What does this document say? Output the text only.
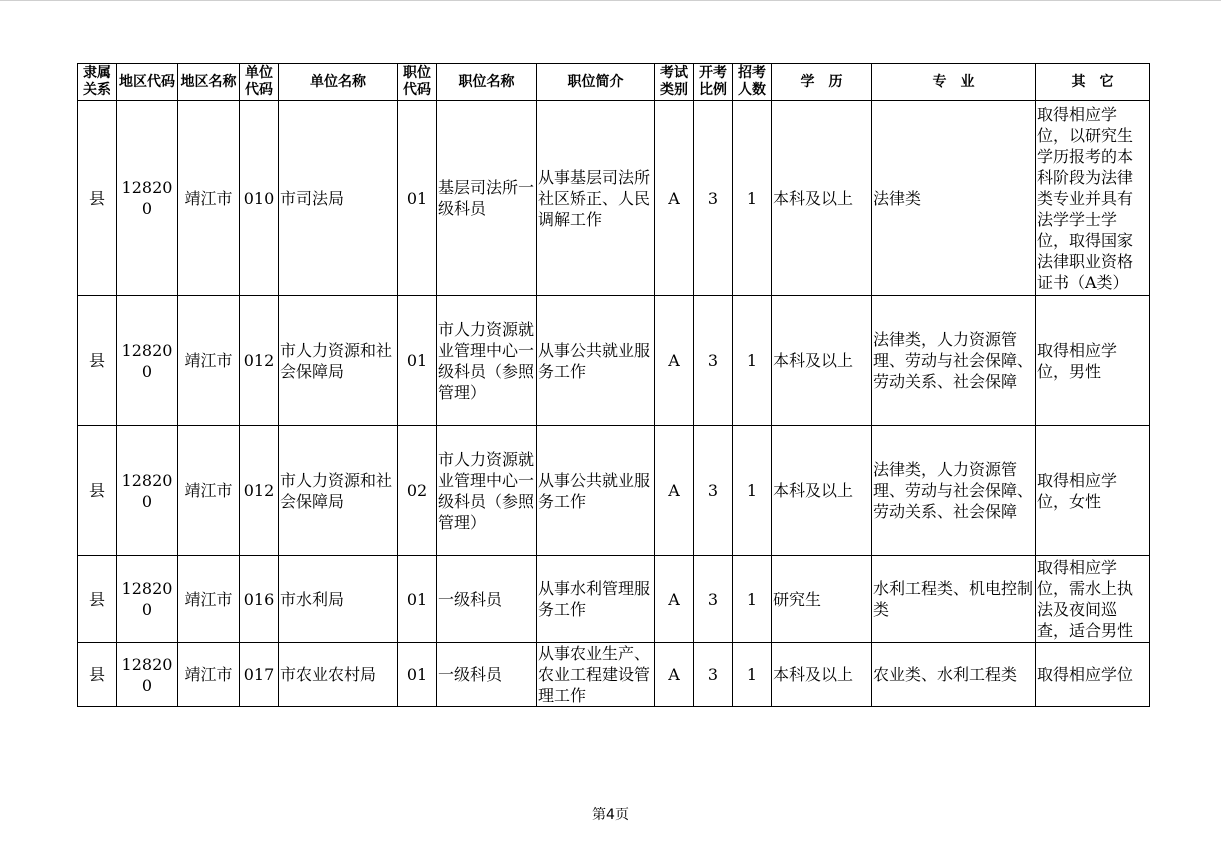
隶属关系	地区代码	地区名称	单位代码	单位名称	职位代码	职位名称	职位简介	考试类别	开考比例	招考人数	学　历	专　业	其　它
县	128200	靖江市	010	市司法局	01	基层司法所一级科员	从事基层司法所社区矫正、人民调解工作	A	3	1	本科及以上	法律类	取得相应学位，以研究生学历报考的本科阶段为法律类专业并具有法学学士学位，取得国家法律职业资格证书（A类）
县	128200	靖江市	012	市人力资源和社会保障局	01	市人力资源就业管理中心一级科员（参照管理）	从事公共就业服务工作	A	3	1	本科及以上	法律类，人力资源管理、劳动与社会保障、劳动关系、社会保障	取得相应学位，男性
县	128200	靖江市	012	市人力资源和社会保障局	02	市人力资源就业管理中心一级科员（参照管理）	从事公共就业服务工作	A	3	1	本科及以上	法律类，人力资源管理、劳动与社会保障、劳动关系、社会保障	取得相应学位，女性
县	128200	靖江市	016	市水利局	01	一级科员	从事水利管理服务工作	A	3	1	研究生	水利工程类、机电控制类	取得相应学位，需水上执法及夜间巡查，适合男性
县	128200	靖江市	017	市农业农村局	01	一级科员	从事农业生产、农业工程建设管理工作	A	3	1	本科及以上	农业类、水利工程类	取得相应学位
第4页
